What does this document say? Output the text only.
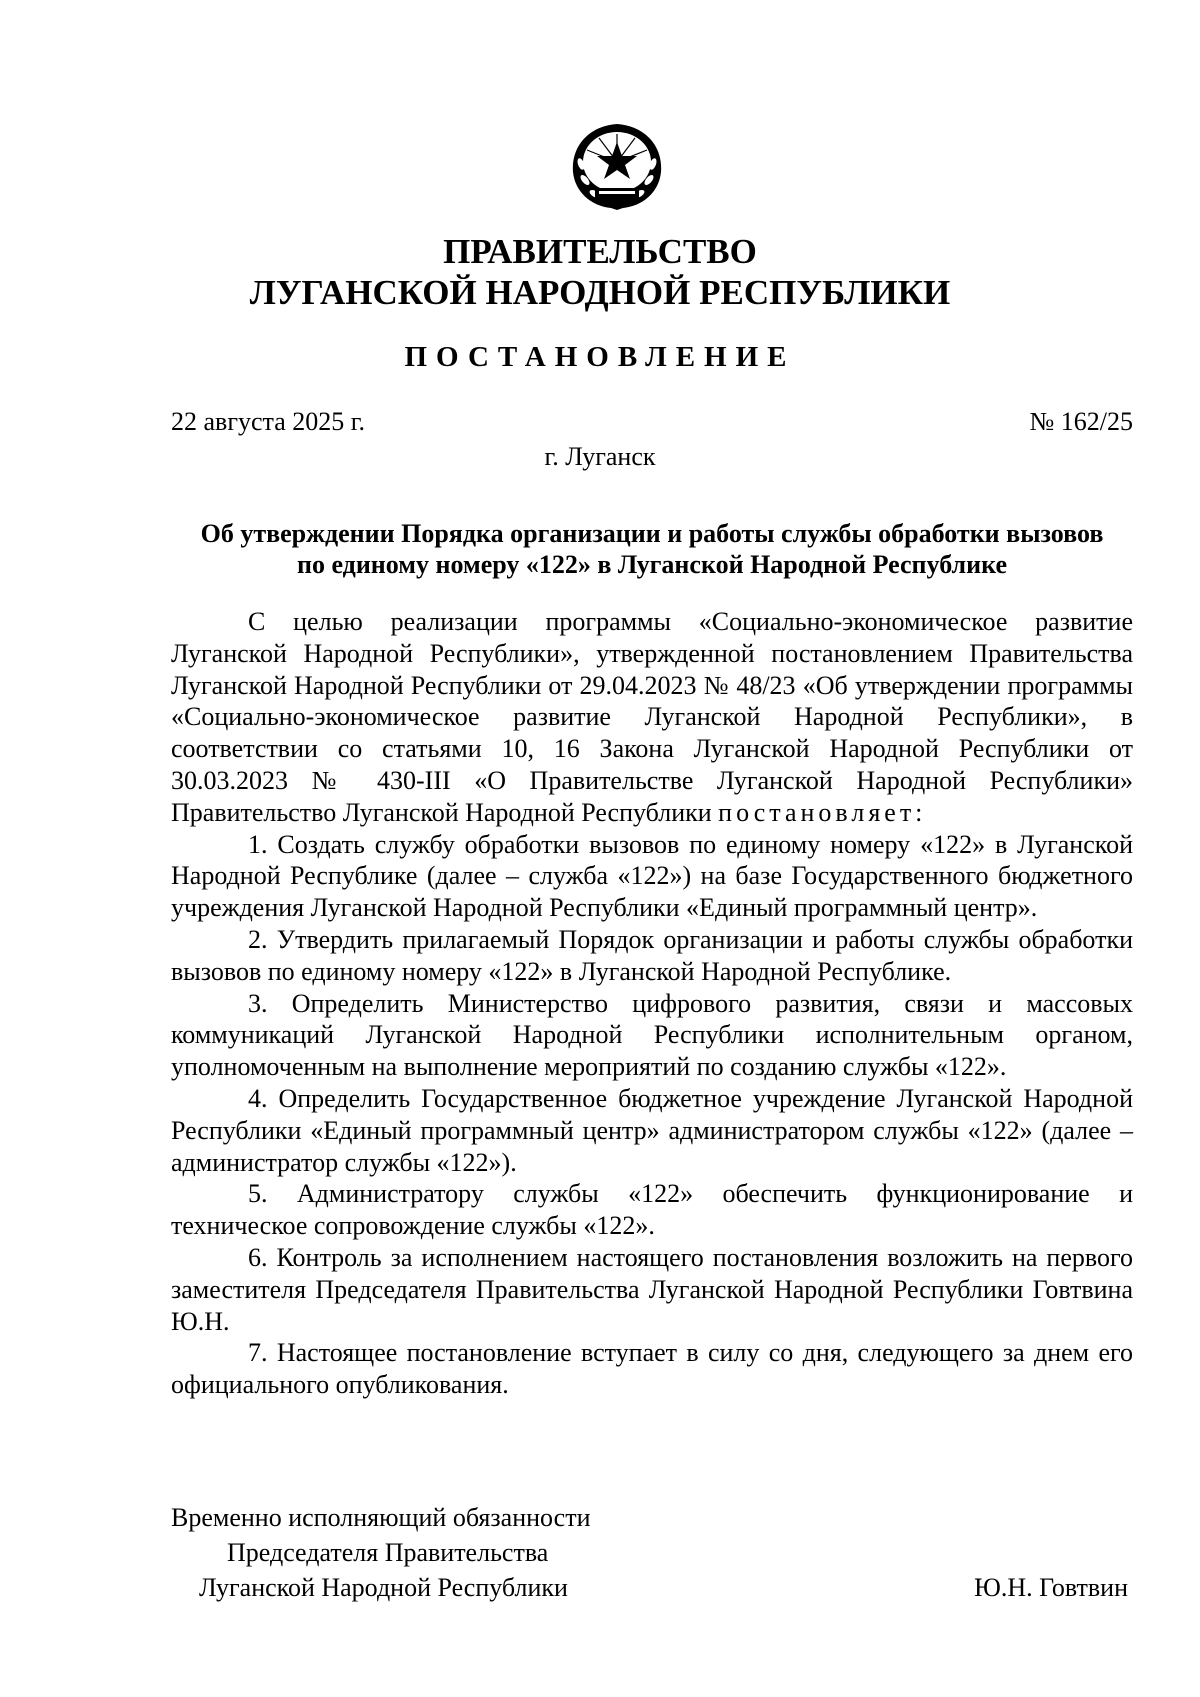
ПРАВИТЕЛЬСТВО
ЛУГАНСКОЙ НАРОДНОЙ РЕСПУБЛИКИ
ПОСТАНОВЛЕНИЕ
22 августа 2025 г.	№ 162/25
г. Луганск
Об утверждении Порядка организации и работы службы обработки вызовов
по единому номеру «122» в Луганской Народной Республике

С целью реализации программы «Социально-экономическое развитие Луганской Народной Республики», утвержденной постановлением Правительства Луганской Народной Республики от 29.04.2023 № 48/23 «Об утверждении программы «Социально-экономическое развитие Луганской Народной Республики», в соответствии со статьями 10, 16 Закона Луганской Народной Республики от 30.03.2023 № 430-III «О Правительстве Луганской Народной Республики» Правительство Луганской Народной Республики постановляет:

1. Создать службу обработки вызовов по единому номеру «122» в Луганской Народной Республике (далее – служба «122») на базе Государственного бюджетного учреждения Луганской Народной Республики «Единый программный центр».

2. Утвердить прилагаемый Порядок организации и работы службы обработки вызовов по единому номеру «122» в Луганской Народной Республике.

3. Определить Министерство цифрового развития, связи и массовых коммуникаций Луганской Народной Республики исполнительным органом, уполномоченным на выполнение мероприятий по созданию службы «122».

4. Определить Государственное бюджетное учреждение Луганской Народной Республики «Единый программный центр» администратором службы «122» (далее – администратор службы «122»).

5. Администратору службы «122» обеспечить функционирование и техническое сопровождение службы «122».

6. Контроль за исполнением настоящего постановления возложить на первого заместителя Председателя Правительства Луганской Народной Республики Говтвина Ю.Н.

7. Настоящее постановление вступает в силу со дня, следующего за днем его официального опубликования.

Временно исполняющий обязанности
Председателя Правительства
Луганской Народной Республики	Ю.Н. Говтвин
